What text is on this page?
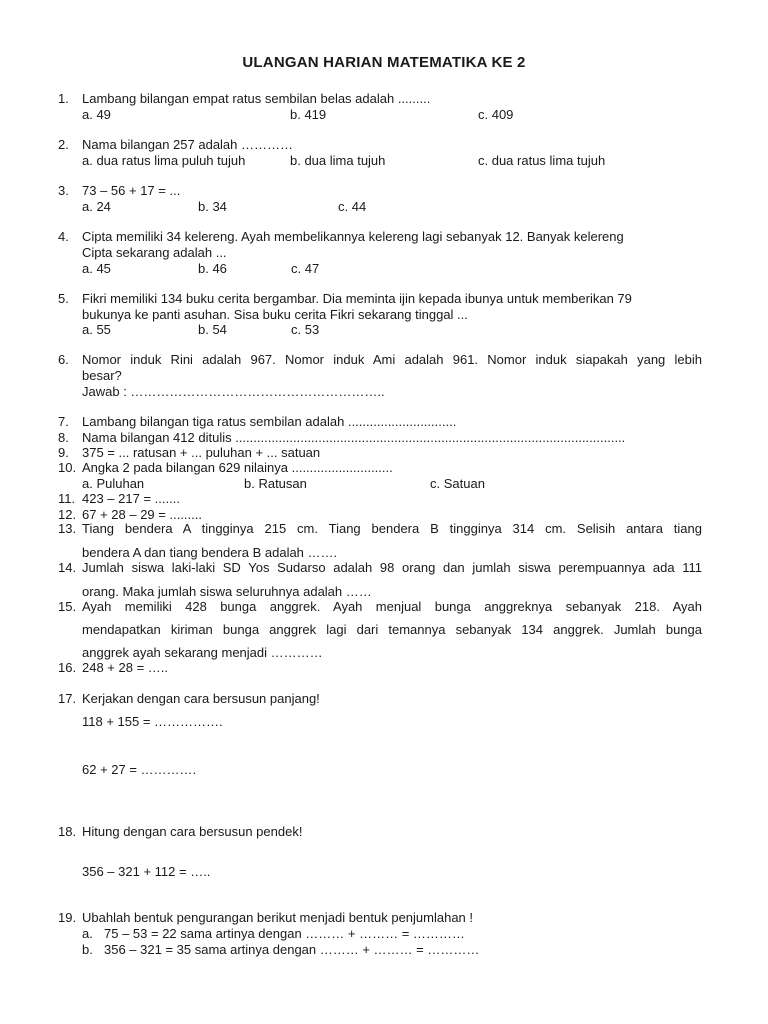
ULANGAN HARIAN MATEMATIKA KE 2
1. Lambang bilangan empat ratus sembilan belas adalah .........
a. 49	b. 419	c. 409
2. Nama bilangan 257 adalah …………
a. dua ratus lima puluh tujuh	b. dua lima tujuh	c. dua ratus lima tujuh
3. 73 – 56 + 17 = ...
a. 24	b. 34	c. 44
4. Cipta memiliki 34 kelereng. Ayah membelikannya kelereng lagi sebanyak 12. Banyak kelereng
Cipta sekarang adalah ...
a. 45	b. 46	c. 47
5. Fikri memiliki 134 buku cerita bergambar. Dia meminta ijin kepada ibunya untuk memberikan 79
bukunya ke panti asuhan. Sisa buku cerita Fikri sekarang tinggal ...
a. 55	b. 54	c. 53
6. Nomor induk Rini adalah 967. Nomor induk Ami adalah 961. Nomor induk siapakah yang lebih
besar?
Jawab : …………………………………………………..
7. Lambang bilangan tiga ratus sembilan adalah ..............................
8. Nama bilangan 412 ditulis ............................................................................................................
9. 375 = ... ratusan + ... puluhan + ... satuan
10. Angka 2 pada bilangan 629 nilainya ............................
a. Puluhan	b. Ratusan	c. Satuan
11. 423 – 217 = .......
12. 67 + 28 – 29 = .........
13. Tiang bendera A tingginya 215 cm. Tiang bendera B tingginya 314 cm. Selisih antara tiang
bendera A dan tiang bendera B adalah …….
14. Jumlah siswa laki-laki SD Yos Sudarso adalah 98 orang dan jumlah siswa perempuannya ada 111
orang. Maka jumlah siswa seluruhnya adalah ……
15. Ayah memiliki 428 bunga anggrek. Ayah menjual bunga anggreknya sebanyak 218. Ayah
mendapatkan kiriman bunga anggrek lagi dari temannya sebanyak 134 anggrek. Jumlah bunga
anggrek ayah sekarang menjadi …………
16. 248 + 28 = …..
17. Kerjakan dengan cara bersusun panjang!
118 + 155 = …………….
62 + 27 = ………….
18. Hitung dengan cara bersusun pendek!
356 – 321 + 112 = …..
19. Ubahlah bentuk pengurangan berikut menjadi bentuk penjumlahan !
a. 75 – 53 = 22 sama artinya dengan ……… + ……… = …………
b. 356 – 321 = 35 sama artinya dengan ……… + ……… = …………
